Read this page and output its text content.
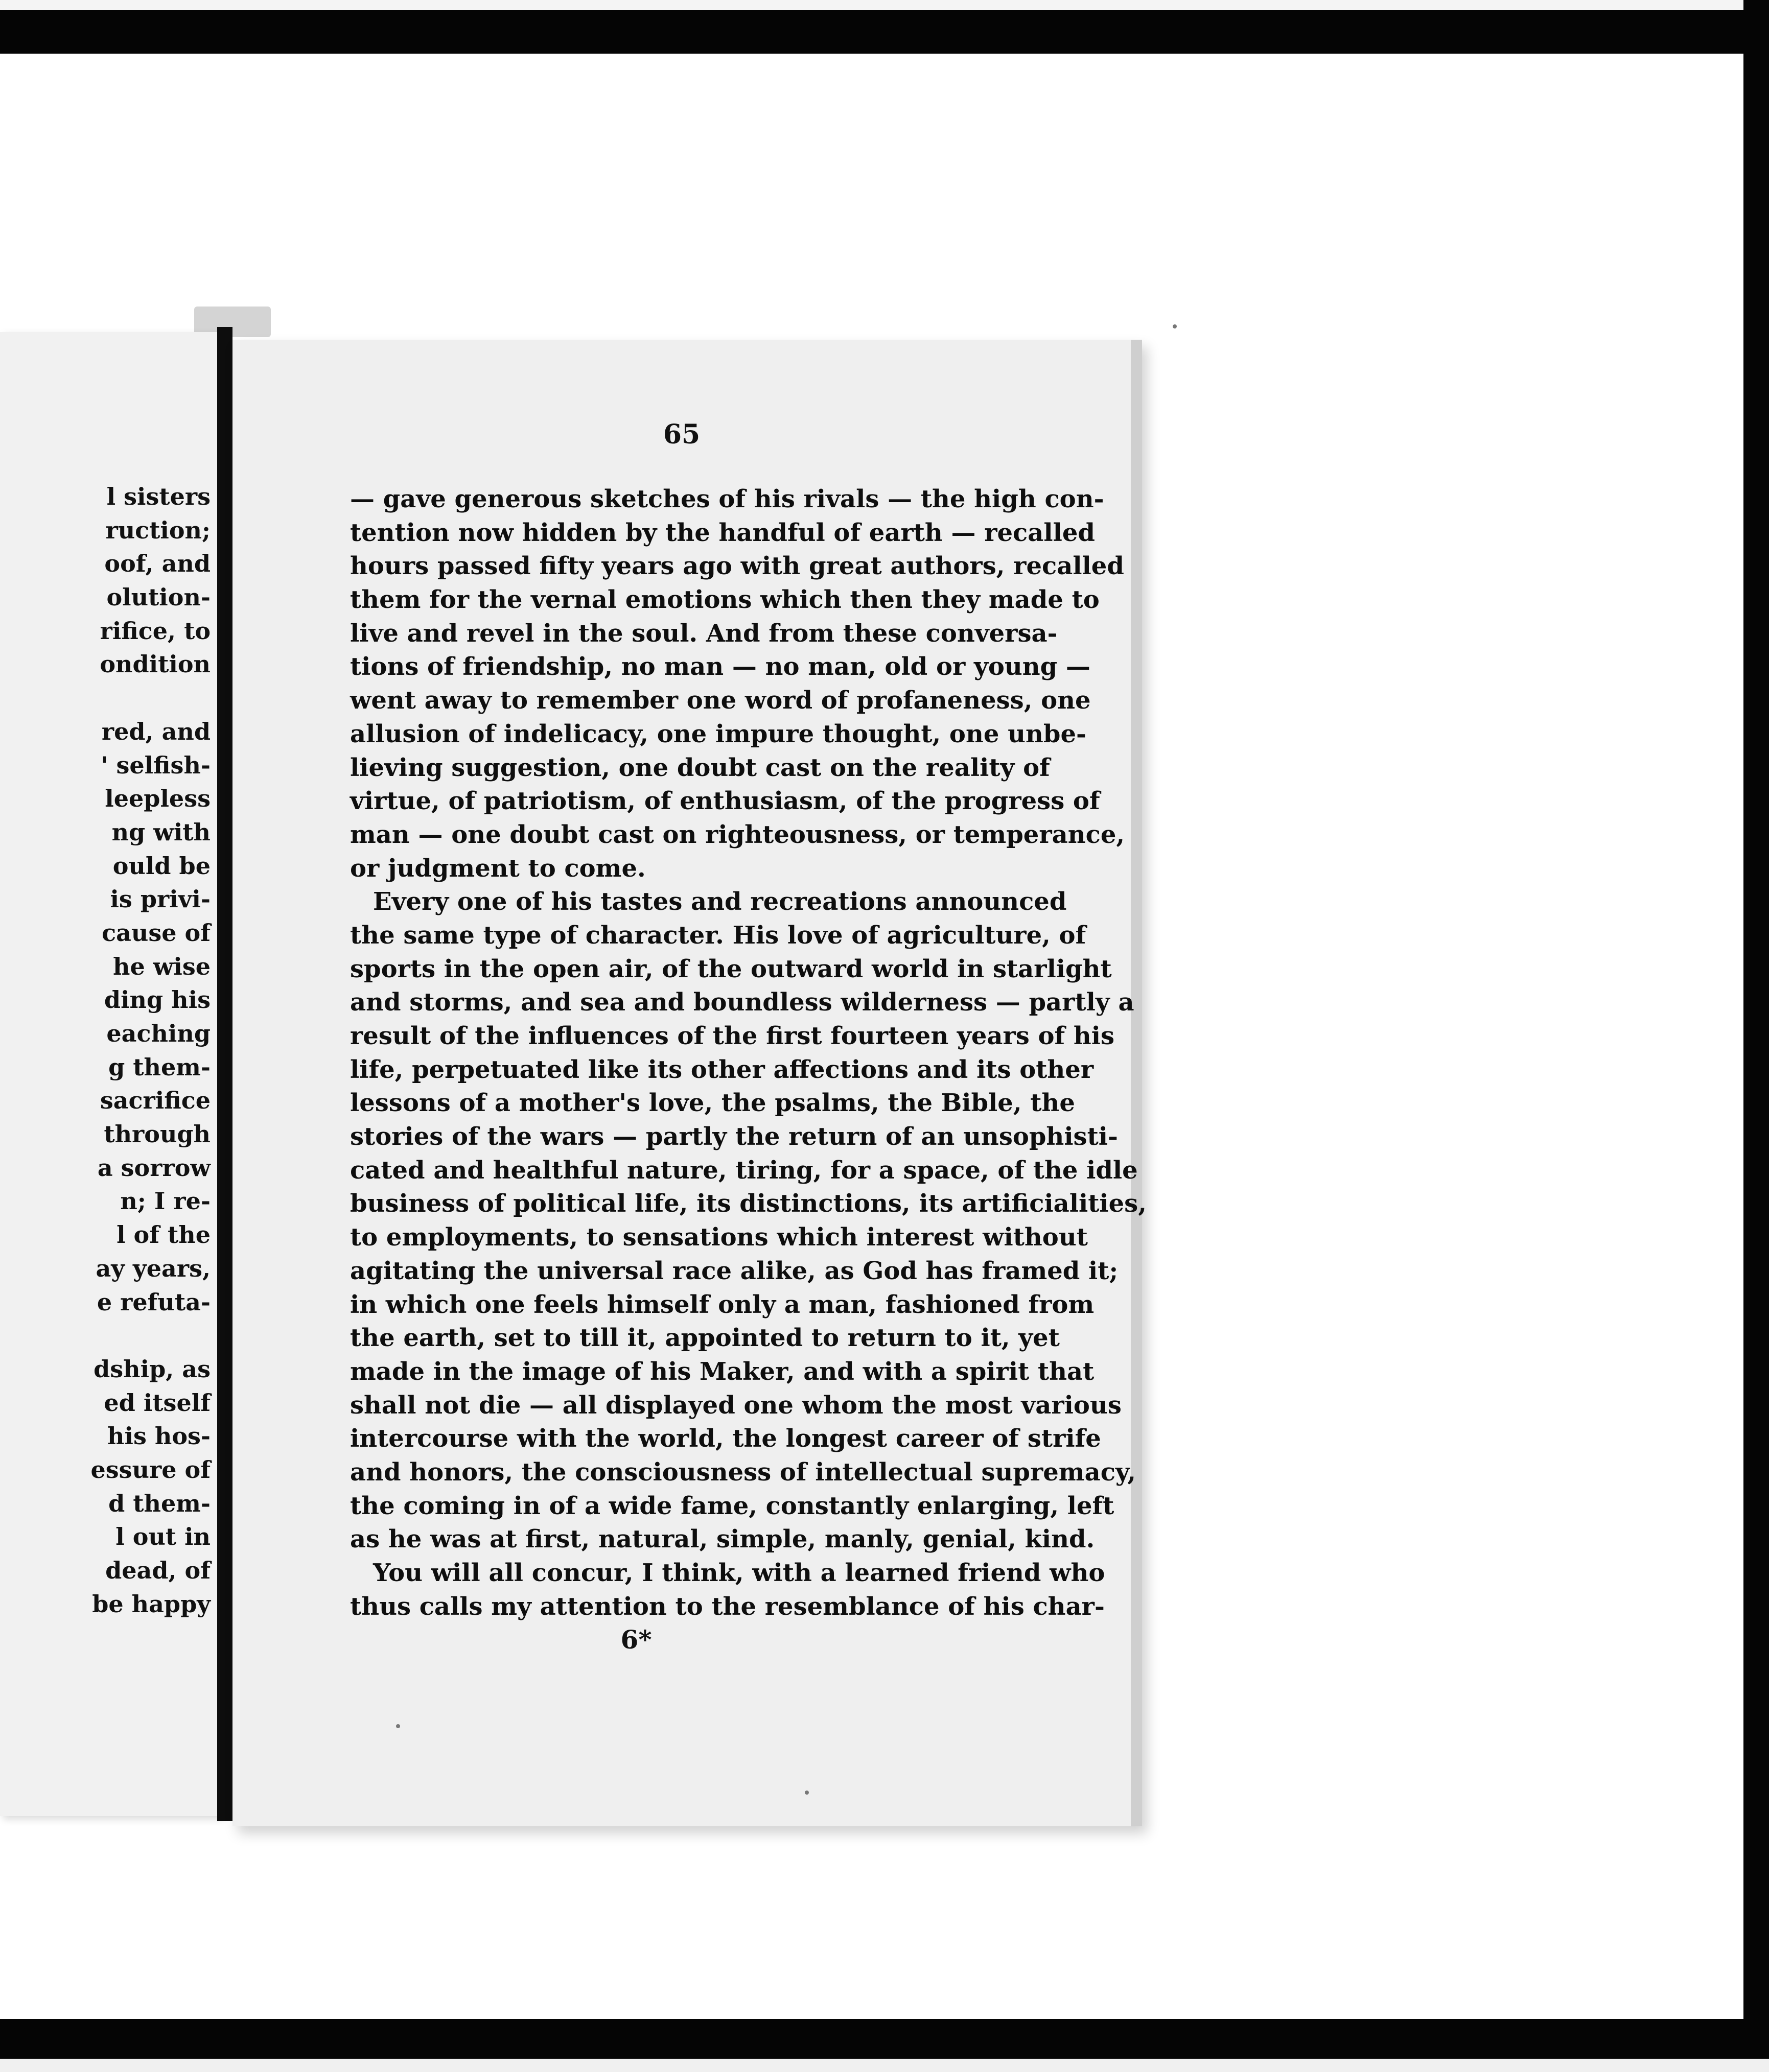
l sisters
ruction;
oof, and
olution-
rifice, to
ondition
red, and
' selfish-
leepless
ng with
ould be
is privi-
cause of
he wise
ding his
eaching
g them-
sacrifice
through
a sorrow
n; I re-
l of the
ay years,
e refuta-
dship, as
ed itself
his hos-
essure of
d them-
l out in
dead, of
be happy
65
— gave generous sketches of his rivals — the high con-
tention now hidden by the handful of earth — recalled
hours passed fifty years ago with great authors, recalled
them for the vernal emotions which then they made to
live and revel in the soul. And from these conversa-
tions of friendship, no man — no man, old or young —
went away to remember one word of profaneness, one
allusion of indelicacy, one impure thought, one unbe-
lieving suggestion, one doubt cast on the reality of
virtue, of patriotism, of enthusiasm, of the progress of
man — one doubt cast on righteousness, or temperance,
or judgment to come.
Every one of his tastes and recreations announced
the same type of character. His love of agriculture, of
sports in the open air, of the outward world in starlight
and storms, and sea and boundless wilderness — partly a
result of the influences of the first fourteen years of his
life, perpetuated like its other affections and its other
lessons of a mother's love, the psalms, the Bible, the
stories of the wars — partly the return of an unsophisti-
cated and healthful nature, tiring, for a space, of the idle
business of political life, its distinctions, its artificialities,
to employments, to sensations which interest without
agitating the universal race alike, as God has framed it;
in which one feels himself only a man, fashioned from
the earth, set to till it, appointed to return to it, yet
made in the image of his Maker, and with a spirit that
shall not die — all displayed one whom the most various
intercourse with the world, the longest career of strife
and honors, the consciousness of intellectual supremacy,
the coming in of a wide fame, constantly enlarging, left
as he was at first, natural, simple, manly, genial, kind.
You will all concur, I think, with a learned friend who
thus calls my attention to the resemblance of his char-
6*
